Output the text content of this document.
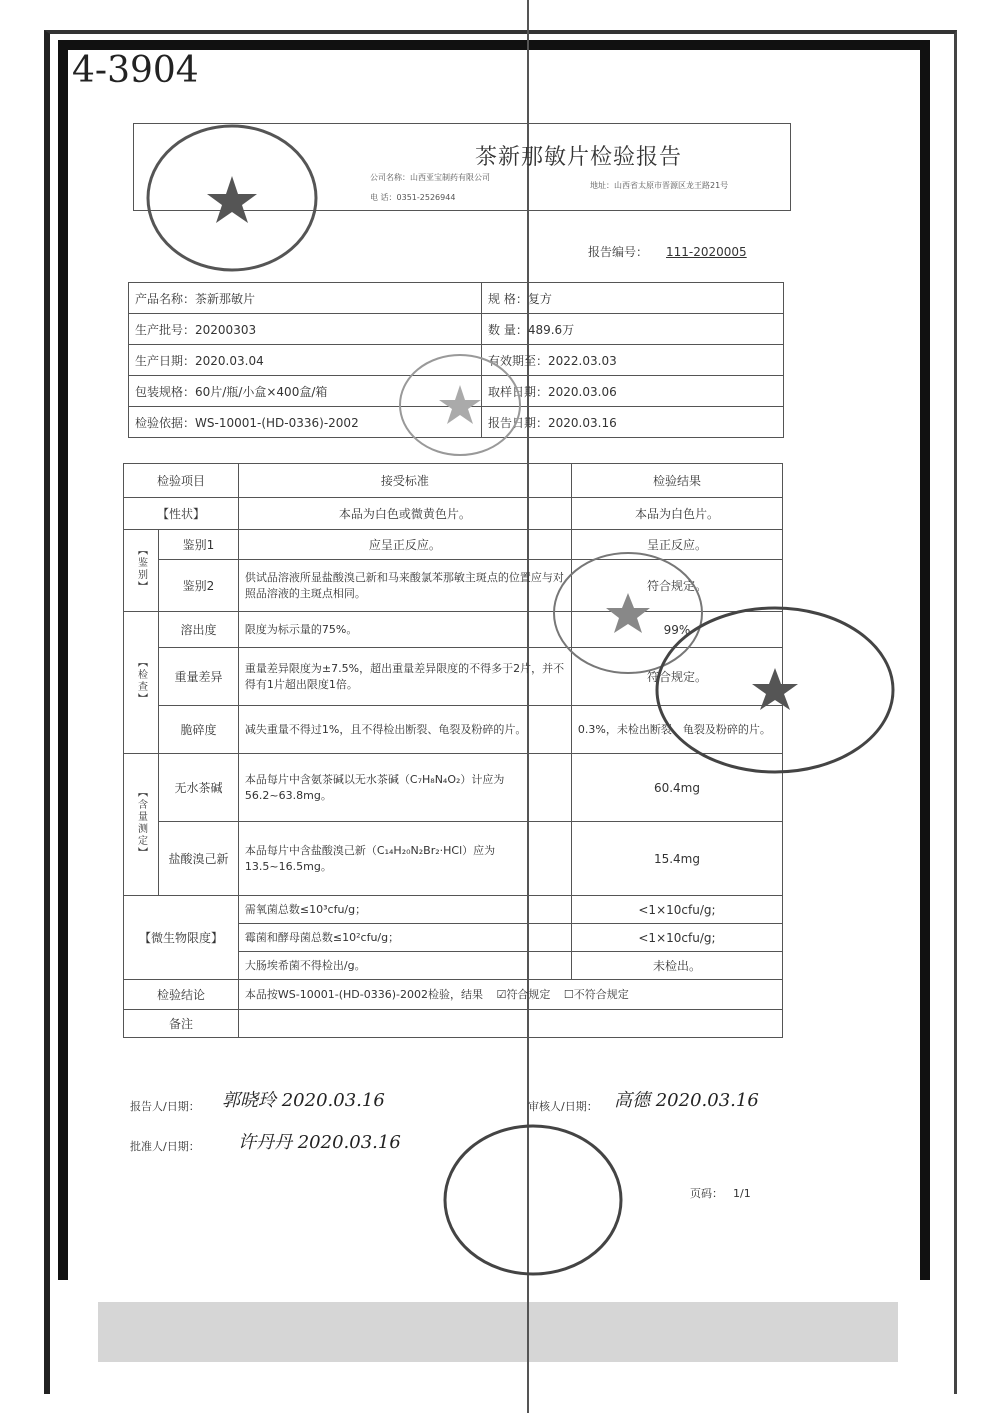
4-3904
茶新那敏片检验报告
公司名称：山西亚宝制药有限公司
地址：山西省太原市晋源区龙王路21号
电 话：0351-2526944
报告编号： 111-2020005
产品名称：茶新那敏片	规 格：复方
生产批号：20200303	数 量：489.6万
生产日期：2020.03.04	有效期至：2022.03.03
包装规格：60片/瓶/小盒×400盒/箱	取样日期：2020.03.06
检验依据：WS-10001-(HD-0336)-2002	报告日期：2020.03.16
检验项目		接受标准	检验结果
【性状】		本品为白色或微黄色片。	本品为白色片。
【鉴别】	鉴别1	应呈正反应。	呈正反应。
	鉴别2	供试品溶液所显盐酸溴己新和马来酸氯苯那敏主斑点的位置应与对照品溶液的主斑点相同。	符合规定。
【检查】	溶出度	限度为标示量的75%。	99%
	重量差异	重量差异限度为±7.5%，超出重量差异限度的不得多于2片，并不得有1片超出限度1倍。	符合规定。
	脆碎度	减失重量不得过1%，且不得检出断裂、龟裂及粉碎的片。	0.3%，未检出断裂、龟裂及粉碎的片。
【含量测定】	无水茶碱	本品每片中含氨茶碱以无水茶碱（C₇H₈N₄O₂）计应为56.2~63.8mg。	60.4mg
	盐酸溴己新	本品每片中含盐酸溴己新（C₁₄H₂₀N₂Br₂·HCl）应为13.5~16.5mg。	15.4mg
【微生物限度】		需氧菌总数≤10³cfu/g；	<1×10cfu/g;
		霉菌和酵母菌总数≤10²cfu/g；	<1×10cfu/g;
		大肠埃希菌不得检出/g。	未检出。
检验结论		本品按WS-10001-(HD-0336)-2002检验，结果 ☑符合规定 ☐不符合规定	
备注			
报告人/日期： 郭晓玲 2020.03.16	审核人/日期： 高德 2020.03.16
批准人/日期： 许丹丹 2020.03.16
页码： 1/1
